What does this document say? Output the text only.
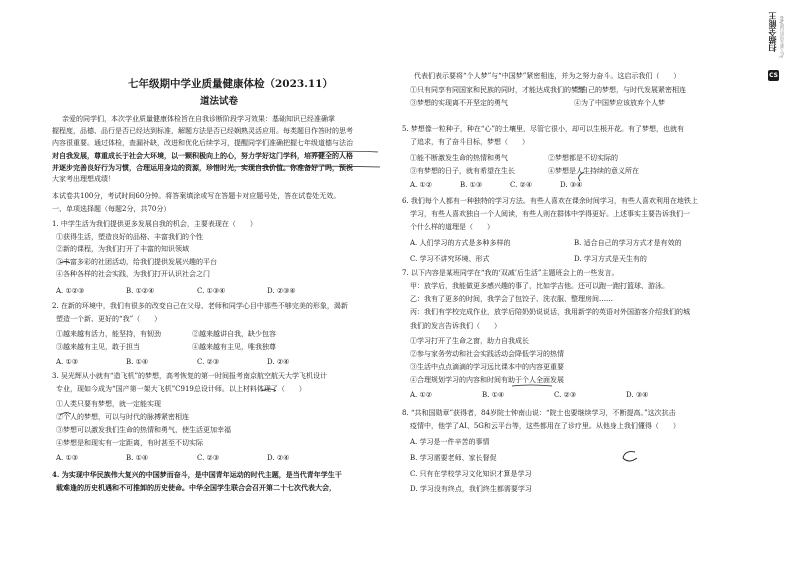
七年级期中学业质量健康体检（2023.11）
道法试卷
亲爱的同学们，本次学业质量健康体检旨在自我诊断阶段学习效果：基础知识已经准确掌
握程度，品德、品行是否已经达到标准，解题方法是否已经娴熟灵活应用。每类题目作答时的思考
内容很重要。通过体检，查漏补缺，改进和优化后续学习，提醒同学们准确把握七年级道德与法治
对自我发展，尊重成长于社会大环境，以一颗积极向上的心，努力学好这门学科，培养健全的人格
并逐步完善良好行为习惯，合理运用身边的资源，珍惜时光，实现自我价值。你准备好了吗，预祝
大家考出理想成绩！
本试卷共100分，考试时间60分钟。将答案填涂或写在答题卡对应题号处，答在试卷处无效。
一、单项选择题（每题2分，共70分）
1. 中学生活为我们提供更多发展自我的机会，主要表现在（　　）
①获得生活，塑造良好的品格、丰富我们的个性
②新的课程，为我们打开了丰富的知识领域
③丰富多彩的社团活动，给我们提供发展兴趣的平台
④各种各样的社会实践，为我们打开认识社会之门
A. ①②③	B. ①②④	C. ①③④	D. ②③④
2. 在新的环境中，我们有很多的改变自己在父母、老师和同学心目中那些不够完美的形象，渴新
塑造一个新、更好的“我”（　　）
①越来越有活力，能坚持，有韧劲	②越来越讲自我，缺少包容
③越来越有主见，敢于担当	④越来越有主见，唯我独尊
A. ①③	B. ①④	C. ②③	D. ②④
3. 吴光辉从小就有“造飞机”的梦想，高考恢复的第一时间报考南京航空航天大学飞机设计
专业，现如今成为“国产第一架大飞机”C919总设计师。以上材料体现了（　　）
①人类只要有梦想，就一定能实现
②个人的梦想，可以与时代的脉搏紧密相连
③梦想可以激发我们生命的热情和勇气，使生活更加幸福
④梦想是和现实有一定距离，有时甚至不切实际
A. ①③	B. ①④	C. ②③	D. ②④
4. 为实现中华民族伟大复兴的中国梦而奋斗，是中国青年运动的时代主题，是当代青年学生干
载难逢的历史机遇和不可推卸的历史使命。中华全国学生联合会召开第二十七次代表大会，
代表们表示要将“个人梦”与“中国梦”紧密相连，并为之努力奋斗。这启示我们（　　）
①只有同享有同国家和民族的同时，才能达成我们的梦想
②自己的梦想，与时代发展紧密相连
③梦想的实现离不开坚定的勇气	④为了中国梦应该放弃个人梦
5. 梦想像一粒种子，种在“心”的土壤里，尽管它很小，却可以生根开花。有了梦想，也就有
了追求，有了奋斗目标，梦想（　　）
①能不断激发生命的热情和勇气	②梦想都是不切实际的
③有梦想的日子，就有希望在生长	④梦想是人生持续的意义所在
A. ①②	B. ①③	C. ②④	D. ③④
6. 我们每个人都有一种独特的学习方法。有些人喜欢在课余时间学习，有些人喜欢利用在地铁上
学习，有些人喜欢独自一个人阅读，有些人则在群体中学得更好。上述事实主要告诉我们一
个什么样的道理是（　　）
A. 人们学习的方式是多种多样的	B. 适合自己的学习方式才是有效的
C. 学习不讲究环境、形式	D. 学习方式是天生有的
7. 以下内容是某班同学在“我的‘双减’后生活”主题班会上的一些发言。
甲：放学后，我能做更多感兴趣的事了，比如学吉他。还可以跑一跑打篮球、游泳。
乙：我有了更多的时间，我学会了包饺子、洗衣服、整理房间……
丙：我们有学校完成作业，放学后陪奶奶说说话，我用新学的英语对外国游客介绍我们的城
我们的发言告诉我们（　　）
①学习打开了生命之窗，助力自我成长
②参与家务劳动和社会实践活动会降低学习的热情
③生活中点点滴滴的学习远比课本中的内容更重要
④合理规划学习的内容和时间有助于个人全面发展
A. ①②	B. ①④	C. ②③	D. ③④
8. “共和国勋章”获得者，84岁院士钟南山说：“院士也要继续学习，不断提高。”这次抗击
疫情中，他学了AI、5G和云平台等，这些都用在了诊疗里。从他身上我们懂得（　　）
A. 学习是一件辛苦的事情
B. 学习需要老师、家长督促
C. 只有在学校学习文化知识才算是学习
D. 学习没有终点，我们终生都需要学习
扫描全能王 3亿人都在用的扫描App
CS
